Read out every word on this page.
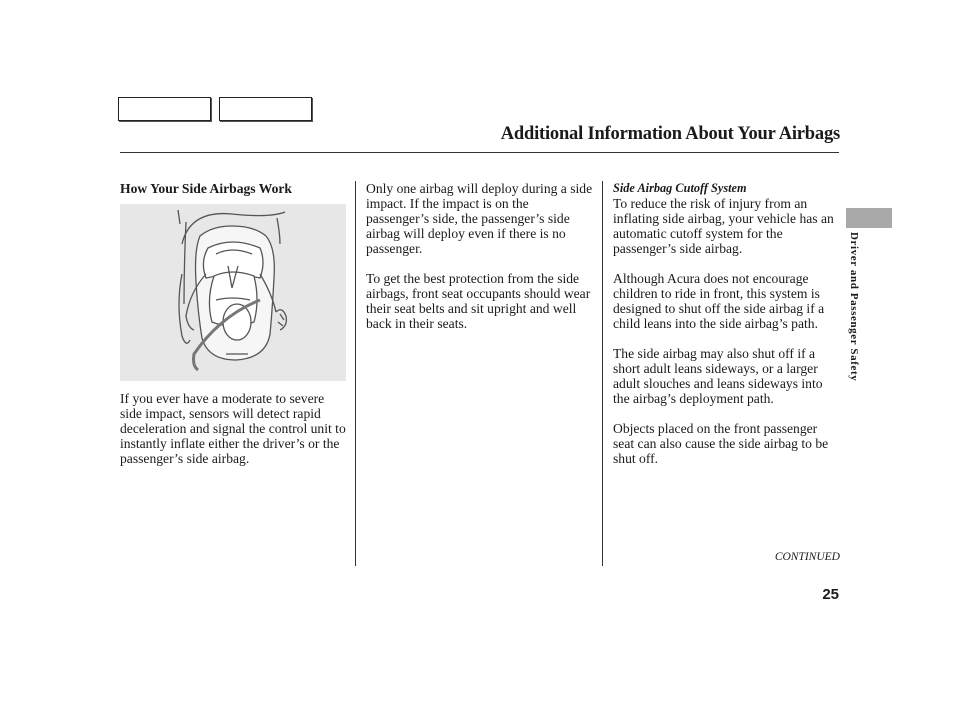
Additional Information About Your Airbags

How Your Side Airbags Work

If you ever have a moderate to severe side impact, sensors will detect rapid deceleration and signal the control unit to instantly inflate either the driver’s or the passenger’s side airbag.

Only one airbag will deploy during a side impact. If the impact is on the passenger’s side, the passenger’s side airbag will deploy even if there is no passenger.

To get the best protection from the side airbags, front seat occupants should wear their seat belts and sit upright and well back in their seats.

Side Airbag Cutoff System

To reduce the risk of injury from an inflating side airbag, your vehicle has an automatic cutoff system for the passenger’s side airbag.

Although Acura does not encourage children to ride in front, this system is designed to shut off the side airbag if a child leans into the side airbag’s path.

The side airbag may also shut off if a short adult leans sideways, or a larger adult slouches and leans sideways into the airbag’s deployment path.

Objects placed on the front passenger seat can also cause the side airbag to be shut off.

Driver and Passenger Safety
CONTINUED
25
